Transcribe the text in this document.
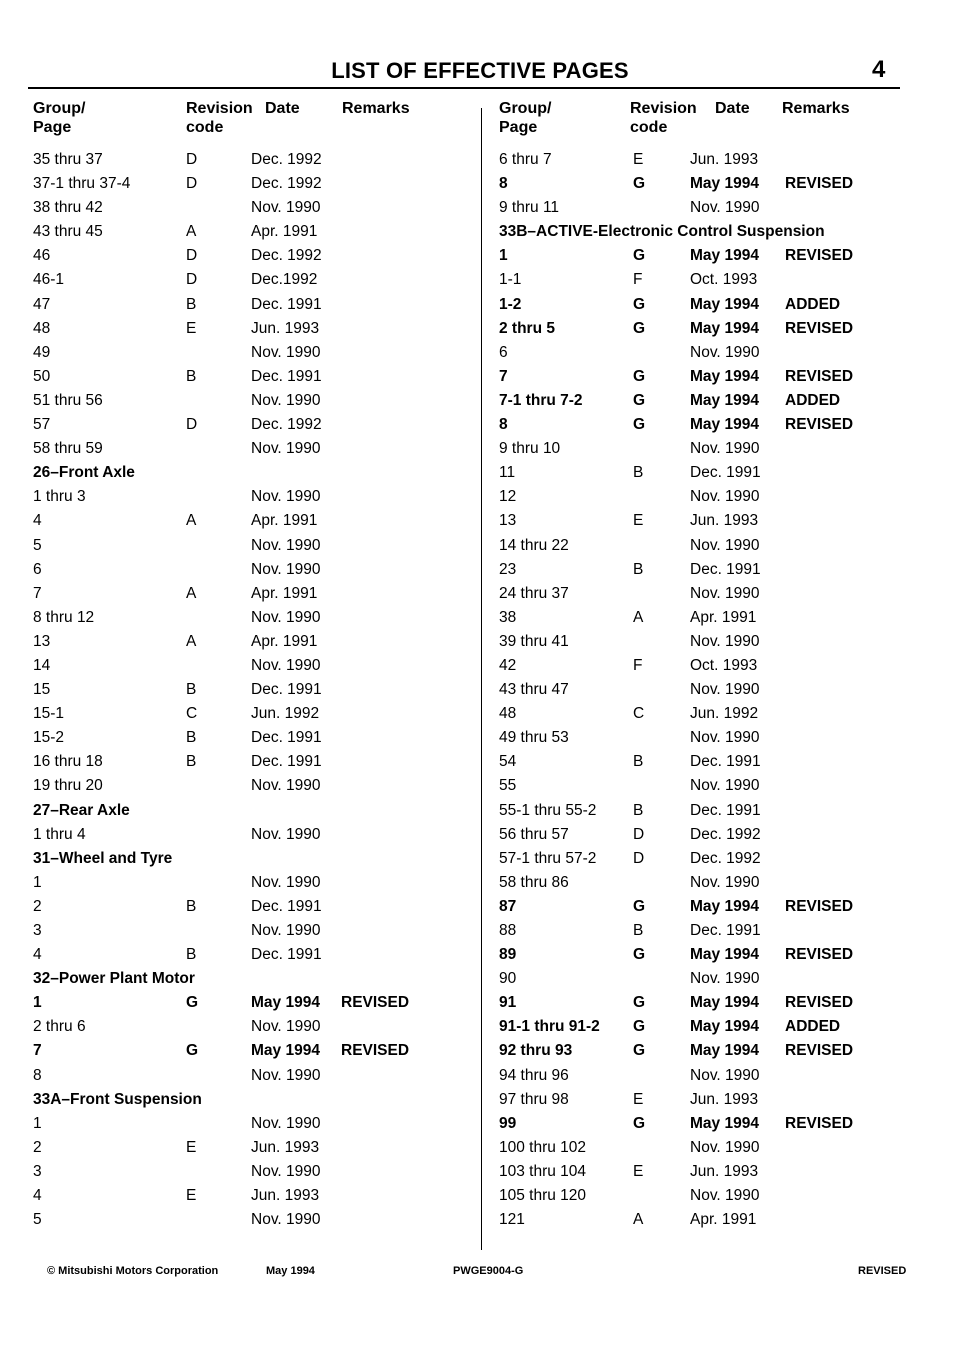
LIST OF EFFECTIVE PAGES	4
Group/
Page
Revision
code
Date	Remarks
35 thru 37	D	Dec. 1992
37-1 thru 37-4	D	Dec. 1992
38 thru 42	Nov. 1990
43 thru 45	A	Apr. 1991
46	D	Dec. 1992
46-1	D	Dec.1992
47	B	Dec. 1991
48	E	Jun. 1993
49	Nov. 1990
50	B	Dec. 1991
51 thru 56	Nov. 1990
57	D	Dec. 1992
58 thru 59	Nov. 1990
26–Front Axle
1 thru 3	Nov. 1990
4	A	Apr. 1991
5	Nov. 1990
6	Nov. 1990
7	A	Apr. 1991
8 thru 12	Nov. 1990
13	A	Apr. 1991
14	Nov. 1990
15	B	Dec. 1991
15-1	C	Jun. 1992
15-2	B	Dec. 1991
16 thru 18	B	Dec. 1991
19 thru 20	Nov. 1990
27–Rear Axle
1 thru 4	Nov. 1990
31–Wheel and Tyre
1	Nov. 1990
2	B	Dec. 1991
3	Nov. 1990
4	B	Dec. 1991
32–Power Plant Motor
1	G	May 1994 REVISED
2 thru 6	Nov. 1990
7	G	May 1994 REVISED
8	Nov. 1990
33A–Front Suspension
1	Nov. 1990
2	E	Jun. 1993
3	Nov. 1990
4	E	Jun. 1993
5	Nov. 1990
Group/
Page
Revision
code
Date Remarks
6 thru 7	E	Jun. 1993
8	G	May 1994 REVISED
9 thru 11	Nov. 1990
33B–ACTIVE-Electronic Control Suspension
1	G	May 1994 REVISED
1-1	F	Oct. 1993
1-2	G	May 1994 ADDED
2 thru 5	G	May 1994 REVISED
6	Nov. 1990
7	G	May 1994 REVISED
7-1 thru 7-2	G	May 1994 ADDED
8	G	May 1994 REVISED
9 thru 10	Nov. 1990
11	B	Dec. 1991
12	Nov. 1990
13	E	Jun. 1993
14 thru 22	Nov. 1990
23	B	Dec. 1991
24 thru 37	Nov. 1990
38	A	Apr. 1991
39 thru 41	Nov. 1990
42	F	Oct. 1993
43 thru 47	Nov. 1990
48	C	Jun. 1992
49 thru 53	Nov. 1990
54	B	Dec. 1991
55	Nov. 1990
55-1 thru 55-2 B	Dec. 1991
56 thru 57	D	Dec. 1992
57-1 thru 57-2 D	Dec. 1992
58 thru 86	Nov. 1990
87	G	May 1994 REVISED
88	B	Dec. 1991
89	G	May 1994 REVISED
90	Nov. 1990
91	G	May 1994 REVISED
91-1 thru 91-2 G	May 1994 ADDED
92 thru 93	G	May 1994 REVISED
94 thru 96	Nov. 1990
97 thru 98	E	Jun. 1993
99	G	May 1994 REVISED
100 thru 102	Nov. 1990
103 thru 104	E	Jun. 1993
105 thru 120	Nov. 1990
121	A	Apr. 1991
© Mitsubishi Motors Corporation	May 1994	PWGE9004-G	REVISED
